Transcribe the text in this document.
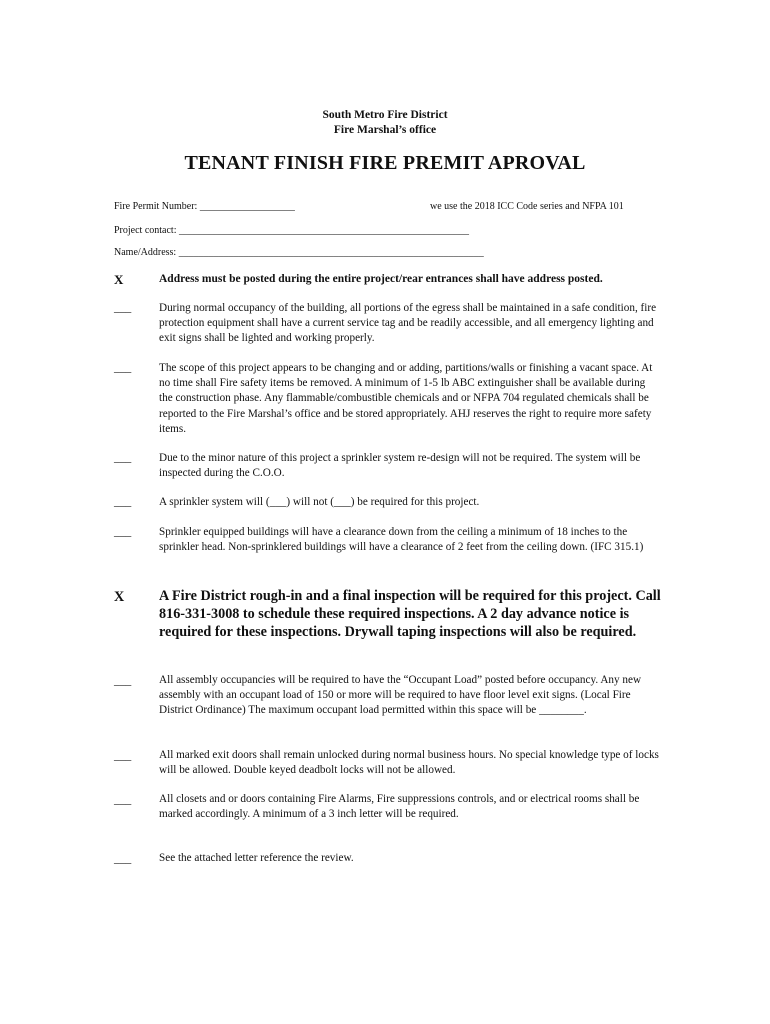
South Metro Fire District
Fire Marshal’s office
TENANT FINISH FIRE PREMIT APROVAL
Fire Permit Number: ___________________	we use the 2018 ICC Code series and NFPA 101
Project contact: __________________________________________________________
Name/Address: _____________________________________________________________
X	Address must be posted during the entire project/rear entrances shall have address posted.
___ During normal occupancy of the building, all portions of the egress shall be maintained in a safe condition, fire protection equipment shall have a current service tag and be readily accessible, and all emergency lighting and exit signs shall be lighted and working properly.
___ The scope of this project appears to be changing and or adding, partitions/walls or finishing a vacant space. At no time shall Fire safety items be removed. A minimum of 1-5 lb ABC extinguisher shall be available during the construction phase. Any flammable/combustible chemicals and or NFPA 704 regulated chemicals shall be reported to the Fire Marshal’s office and be stored appropriately. AHJ reserves the right to require more safety items.
___ Due to the minor nature of this project a sprinkler system re-design will not be required. The system will be inspected during the C.O.O.
___ A sprinkler system will (___) will not (___) be required for this project.
___ Sprinkler equipped buildings will have a clearance down from the ceiling a minimum of 18 inches to the sprinkler head. Non-sprinklered buildings will have a clearance of 2 feet from the ceiling down. (IFC 315.1)
X A Fire District rough-in and a final inspection will be required for this project. Call 816-331-3008 to schedule these required inspections. A 2 day advance notice is required for these inspections. Drywall taping inspections will also be required.
___ All assembly occupancies will be required to have the “Occupant Load” posted before occupancy. Any new assembly with an occupant load of 150 or more will be required to have floor level exit signs. (Local Fire District Ordinance) The maximum occupant load permitted within this space will be ________.
___ All marked exit doors shall remain unlocked during normal business hours. No special knowledge type of locks will be allowed. Double keyed deadbolt locks will not be allowed.
___ All closets and or doors containing Fire Alarms, Fire suppressions controls, and or electrical rooms shall be marked accordingly. A minimum of a 3 inch letter will be required.
___ See the attached letter reference the review.
